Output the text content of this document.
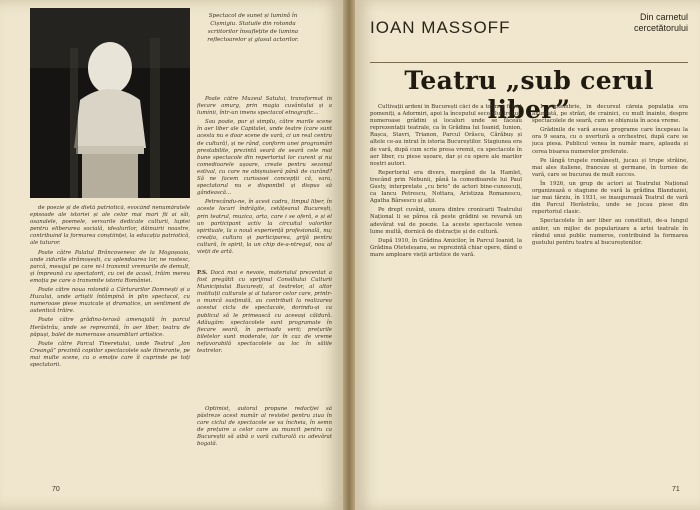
Spectacol de sunet și lumină în Cișmigiu. Statuile din rotonda scriitorilor însuflețite de lumina reflectoarelor și glasul actorilor.

Poate către Muzeul Satului, transformat în fiecare amurg, prin magia cuvântului și a luminii, într-un imens spectacol etnografic…

Sau poate, pur și simplu, către marile scene în aer liber ale Capitalei, unde teatre (care sunt acesta nu e doar scene de vară, ci un real centru de cultură), și ne rând, conform unei programări prestabilite, prezintă seară de seară cele mai bune spectacole din repertoriul lor curent și nu comedioarele ușoare, create pentru sezonul estival, cu care ne obișnuiseră până de curând? Să ne facem curioasei concepții că, vara, spectatorul nu e disponibil și dispus să gândească…

Petrecându-ne, în acest cadru, timpul liber, în aceste locuri îndrăgite, cetățeanul București, prin teatrul, muzica, arta, care i se oferă, e și el un participant activ la circuitul valorilor spirituale, la o nouă experiență profesională, nu; creația, cultura și participarea, grijă pentru cultură, în spirit, la un chip de-a-ntregul, nou al vieții de artă.

de poezie și de dietă patriotică, evocând nenumăratele episoade ale istoriei și ale celor mai mari fii ai săi, osanalele, poemele, versurile dedicate culturii, luptei pentru eliberarea socială, idealurilor, dăinuirii noastre, contribuind la formarea conștiinței, la educația patriotică, ale tuturor.

Poate către Palatul Brâncovenesc de la Mogoșoaia, unde zidurile strămoșești, cu splendoarea lor, ne rostesc, parcă, mesajul pe care ni-l transmit vremurile de demult, și împreună cu spectatorii, cu cei de acasă, trăim mereu emoția pe care o transmite istoria României.

Poate către noua rotondă a Cărturarilor Domnești și a Huzului, unde artiștii întâmpină în plin spectacol, cu numeroase piese muzicale și dramatice, un sentiment de autentică trăire.

Poate către grădina-terasă amenajată în parcul Herăstrău, unde se reprezintă, în aer liber, teatru de păpuși, balet de numeroase ansambluri artistice.

Poate către Parcul Tineretului, unde Teatrul „Ion Creangă” prezintă copiilor spectacolele sale itinerante, pe mai multe scene, cu o emoție care îi cuprinde pe toți spectatorii.

P.S. Dacă mai e nevoie, materialul prezentat a fost pregătit cu sprijinul Consiliului Culturii Municipiului București, al teatrelor, al altor instituții culturale și al tuturor celor care, printr-o muncă susținută, au contribuit la realizarea acestui ciclu de spectacole, dorindu-și ca publicul să le primească cu aceeași căldură. Adăugăm: spectacolele sunt programate în fiecare seară, în perioada verii; prețurile biletelor sunt moderate, iar în caz de vreme nefavorabilă spectacolele au loc în sălile teatrelor.

Optimist, autorul propune redacției să păstreze acest număr al revistei pentru ziua în care ciclul de spectacole se va încheia, în semn de prețuire a celor care au muncit pentru ca Bucureștii să aibă o vară culturală cu adevărat bogată.

70
IOAN MASSOFF
Din carnetul cercetătorului
Teatru „sub cerul liber”

Cultivații ardeni în București căci de a tot mai fi fost pomeniți, a Adormiri, apoi la începutul secolului trecut, numeroase grădini și localuri unde se făceau reprezentații teatrale, ca în Grădina lui Ioanid, Iunion, Rașca, Stavri, Trianon, Parcul Orăscu, Cărăbuș și altele ce-au intrat în istoria Bucureștilor. Stagiunea era de vară, după cum scrie presa vremii, cu spectacole în aer liber, cu piese ușoare, dar și cu opere ale marilor noștri autori.

Repertoriul era divers, mergând de la Hamlet, trecând prin Nebunii, până la comedioarele lui Paul Gusty, interpretate „cu brio” de actori bine-cunoscuți, ca Iancu Petrescu, Nottara, Aristizza Romanescu, Agatha Bârsescu și alții.

Pe drept cuvânt, unora dintre cronicarii Teatrului Național li se părea că peste grădini se revarsă un adevărat val de poezie. La aceste spectacole venea lume multă, dornică de distracție și de cultură.

După 1910, în Grădina Amicilor, în Parcul Ioanid, la Grădina Oteteleșanu, se reprezintă chiar opere, dând o mare amploare vieții artistice de vară.

1 septembrie, în decursul căreia populația era anunțată, pe străzi, de crainici, cu mult înainte, despre spectacolele de seară, cum se obișnuia în acea vreme.

Grădinile de vară aveau programe care începeau la ora 9 seara, cu o uvertură a orchestrei, după care se juca piesa. Publicul venea în număr mare, aplauda și cerea bisarea numerelor preferate.

Pe lângă trupele românești, jucau și trupe străine, mai ales italiene, franceze și germane, în turnee de vară, care se bucurau de mult succes.

În 1926, un grup de actori ai Teatrului Național organizează o stagiune de vară la grădina Blanduziei, iar mai târziu, în 1931, se inaugurează Teatrul de vară din Parcul Herăstrău, unde se jucau piese din repertoriul clasic.

Spectacolele în aer liber au constituit, de-a lungul anilor, un mijloc de popularizare a artei teatrale în rândul unui public numeros, contribuind la formarea gustului pentru teatru al bucureștenilor.

71
